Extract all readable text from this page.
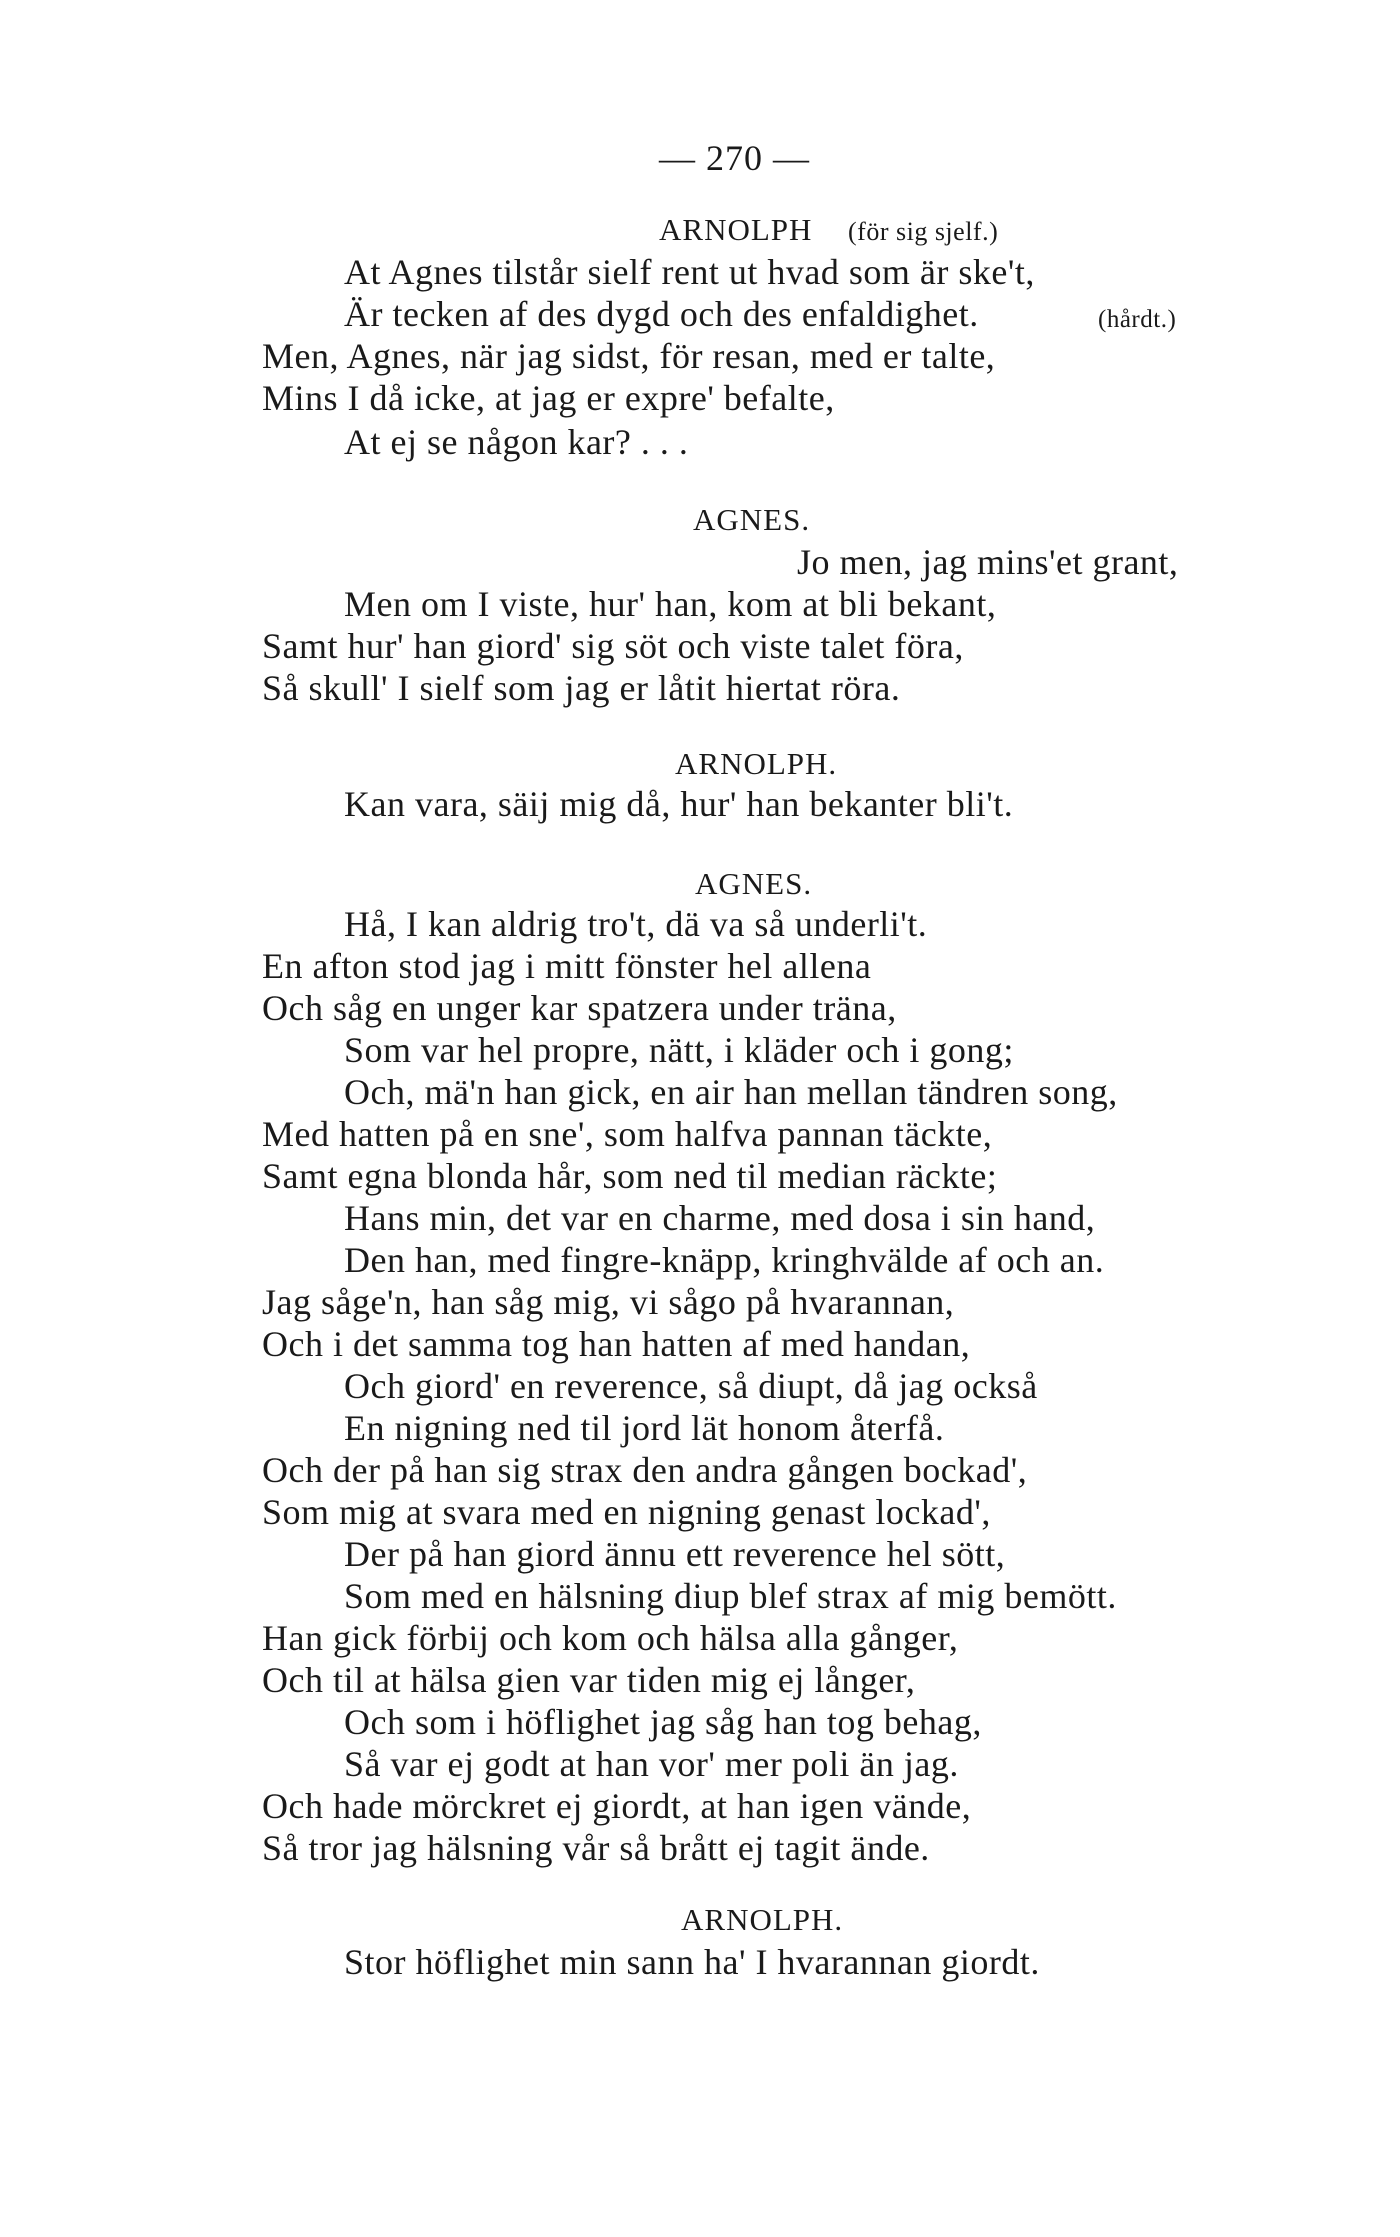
— 270 —
ARNOLPH (för sig sjelf.)
At Agnes tilstår sielf rent ut hvad som är ske't,
Är tecken af des dygd och des enfaldighet.	(hårdt.)
Men, Agnes, när jag sidst, för resan, med er talte,
Mins I då icke, at jag er expre' befalte,
At ej se någon kar? . . .
AGNES.
Jo men, jag mins'et grant,
Men om I viste, hur' han, kom at bli bekant,
Samt hur' han giord' sig söt och viste talet föra,
Så skull' I sielf som jag er låtit hiertat röra.
ARNOLPH.
Kan vara, säij mig då, hur' han bekanter bli't.
AGNES.
Hå, I kan aldrig tro't, dä va så underli't.
En afton stod jag i mitt fönster hel allena
Och såg en unger kar spatzera under träna,
Som var hel propre, nätt, i kläder och i gong;
Och, mä'n han gick, en air han mellan tändren song,
Med hatten på en sne', som halfva pannan täckte,
Samt egna blonda hår, som ned til median räckte;
Hans min, det var en charme, med dosa i sin hand,
Den han, med fingre-knäpp, kringhvälde af och an.
Jag såge'n, han såg mig, vi sågo på hvarannan,
Och i det samma tog han hatten af med handan,
Och giord' en reverence, så diupt, då jag också
En nigning ned til jord lät honom återfå.
Och der på han sig strax den andra gången bockad',
Som mig at svara med en nigning genast lockad',
Der på han giord ännu ett reverence hel sött,
Som med en hälsning diup blef strax af mig bemött.
Han gick förbij och kom och hälsa alla gånger,
Och til at hälsa gien var tiden mig ej långer,
Och som i höflighet jag såg han tog behag,
Så var ej godt at han vor' mer poli än jag.
Och hade mörckret ej giordt, at han igen vände,
Så tror jag hälsning vår så brått ej tagit ände.
ARNOLPH.
Stor höflighet min sann ha' I hvarannan giordt.
